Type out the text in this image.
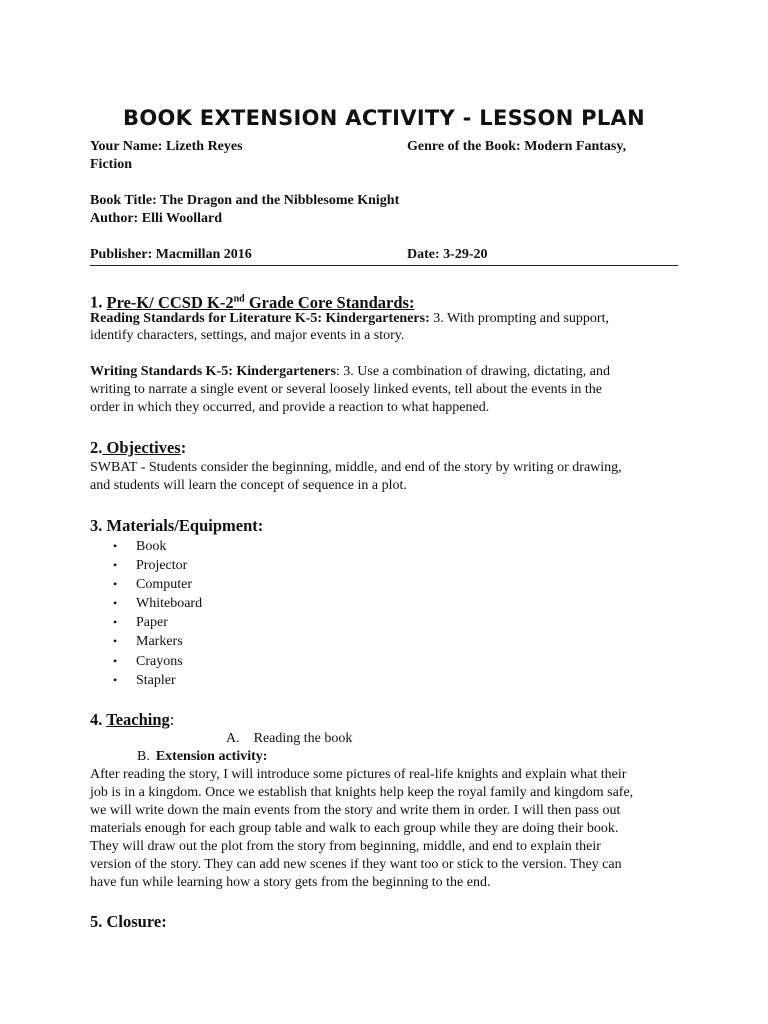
BOOK EXTENSION ACTIVITY - LESSON PLAN
Your Name: Lizeth Reyes	Genre of the Book: Modern Fantasy,
Fiction
Book Title: The Dragon and the Nibblesome Knight
Author: Elli Woollard
Publisher: Macmillan 2016	Date: 3-29-20
1. Pre-K/ CCSD K-2nd Grade Core Standards:
Reading Standards for Literature K-5: Kindergarteners: 3. With prompting and support,
identify characters, settings, and major events in a story.
Writing Standards K-5: Kindergarteners: 3. Use a combination of drawing, dictating, and
writing to narrate a single event or several loosely linked events, tell about the events in the
order in which they occurred, and provide a reaction to what happened.
2. Objectives:
SWBAT - Students consider the beginning, middle, and end of the story by writing or drawing,
and students will learn the concept of sequence in a plot.
3. Materials/Equipment:
• Book
• Projector
• Computer
• Whiteboard
• Paper
• Markers
• Crayons
• Stapler
4. Teaching:
A. Reading the book
B. Extension activity:
After reading the story, I will introduce some pictures of real-life knights and explain what their
job is in a kingdom. Once we establish that knights help keep the royal family and kingdom safe,
we will write down the main events from the story and write them in order. I will then pass out
materials enough for each group table and walk to each group while they are doing their book.
They will draw out the plot from the story from beginning, middle, and end to explain their
version of the story. They can add new scenes if they want too or stick to the version. They can
have fun while learning how a story gets from the beginning to the end.
5. Closure:
